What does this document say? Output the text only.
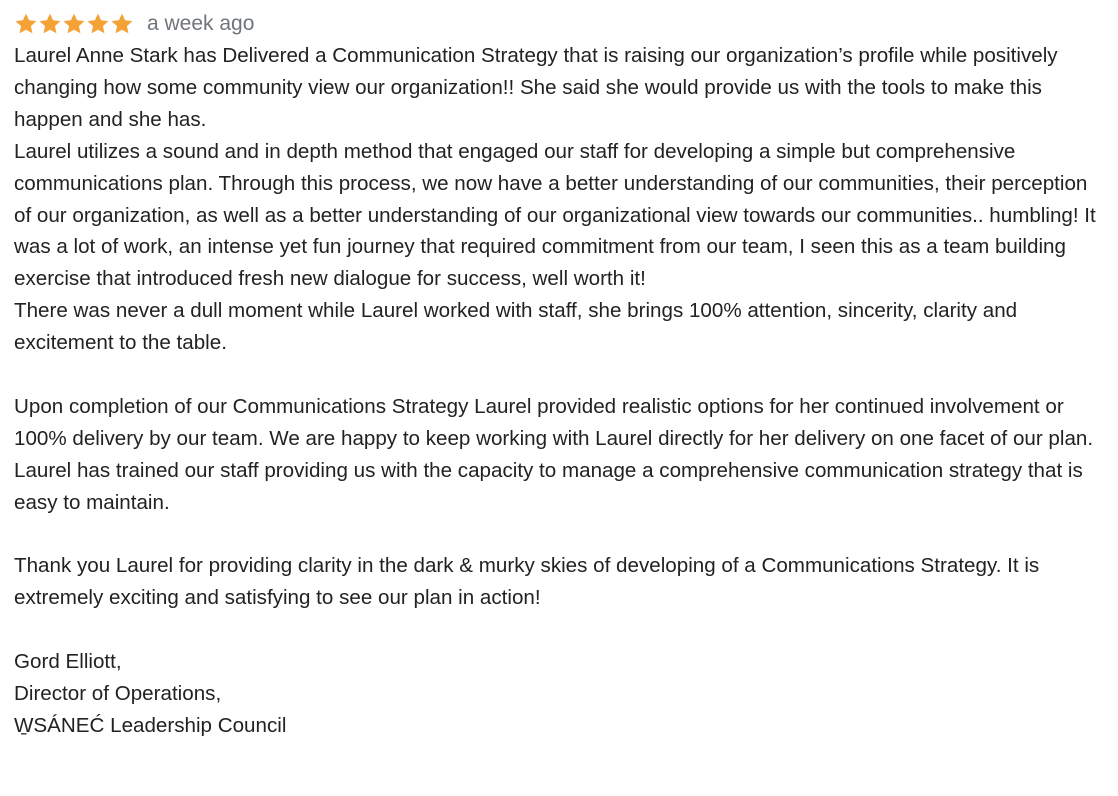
a week ago

Laurel Anne Stark has Delivered a Communication Strategy that is raising our organization’s profile while positively changing how some community view our organization!! She said she would provide us with the tools to make this happen and she has.

Laurel utilizes a sound and in depth method that engaged our staff for developing a simple but comprehensive communications plan. Through this process, we now have a better understanding of our communities, their perception of our organization, as well as a better understanding of our organizational view towards our communities.. humbling! It was a lot of work, an intense yet fun journey that required commitment from our team, I seen this as a team building exercise that introduced fresh new dialogue for success, well worth it!

There was never a dull moment while Laurel worked with staff, she brings 100% attention, sincerity, clarity and excitement to the table.

Upon completion of our Communications Strategy Laurel provided realistic options for her continued involvement or 100% delivery by our team. We are happy to keep working with Laurel directly for her delivery on one facet of our plan. Laurel has trained our staff providing us with the capacity to manage a comprehensive communication strategy that is easy to maintain.

Thank you Laurel for providing clarity in the dark & murky skies of developing of a Communications Strategy. It is extremely exciting and satisfying to see our plan in action!

Gord Elliott,

Director of Operations,

W̱SÁNEĆ Leadership Council
